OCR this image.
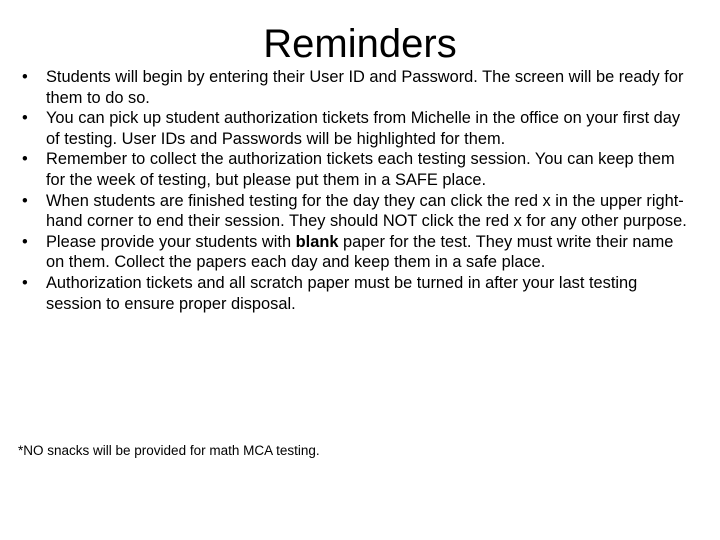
Reminders
•	Students will begin by entering their User ID and Password. The screen will be ready for them to do so.
•	You can pick up student authorization tickets from Michelle in the office on your first day of testing. User IDs and Passwords will be highlighted for them.
•	Remember to collect the authorization tickets each testing session. You can keep them for the week of testing, but please put them in a SAFE place.
•	When students are finished testing for the day they can click the red x in the upper right-hand corner to end their session. They should NOT click the red x for any other purpose.
•	Please provide your students with blank paper for the test. They must write their name on them. Collect the papers each day and keep them in a safe place.
•	Authorization tickets and all scratch paper must be turned in after your last testing session to ensure proper disposal.
*NO snacks will be provided for math MCA testing.
